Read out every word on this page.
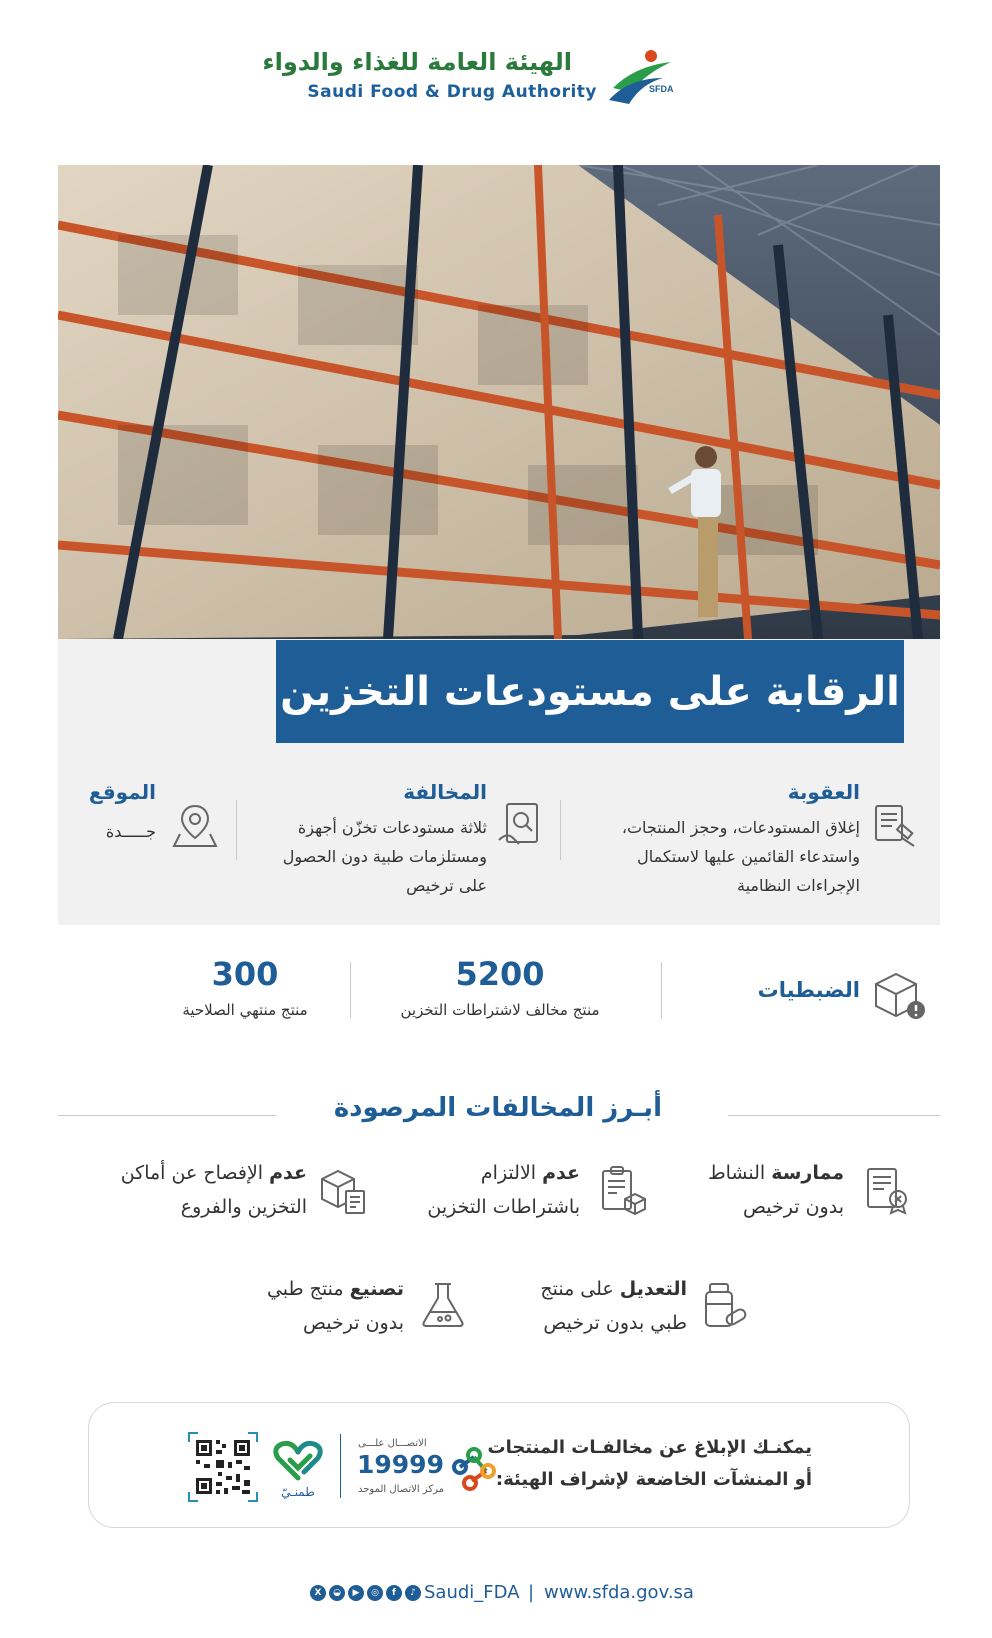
الهيئة العامة للغذاء والدواء
Saudi Food & Drug Authority	SFDA
الرقابة على مستودعات التخزين
العقوبة
إغلاق المستودعات، وحجز المنتجات،
واستدعاء القائمين عليها لاستكمال
الإجراءات النظامية
المخالفة
ثلاثة مستودعات تخزّن أجهزة
ومستلزمات طبية دون الحصول
على ترخيص
الموقع
جـــــدة
الضبطيات
5200
منتج مخالف لاشتراطات التخزين
300
منتج منتهي الصلاحية
أبـرز المخالفات المرصودة
ممارسة النشاط
بدون ترخيص
عدم الالتزام
باشتراطات التخزين
عدم الإفصاح عن أماكن
التخزين والفروع
التعديل على منتج
طبي بدون ترخيص
تصنيع منتج طبي
بدون ترخيص
يمكنـك الإبلاغ عن مخالفـات المنتجات
أو المنشآت الخاضعة لإشراف الهيئة:
الاتصـــال علـــى
19999
مركز الاتصال الموحد
طمنـيّ
X	◒	▶	◎	f	♪ Saudi_FDA | www.sfda.gov.sa
